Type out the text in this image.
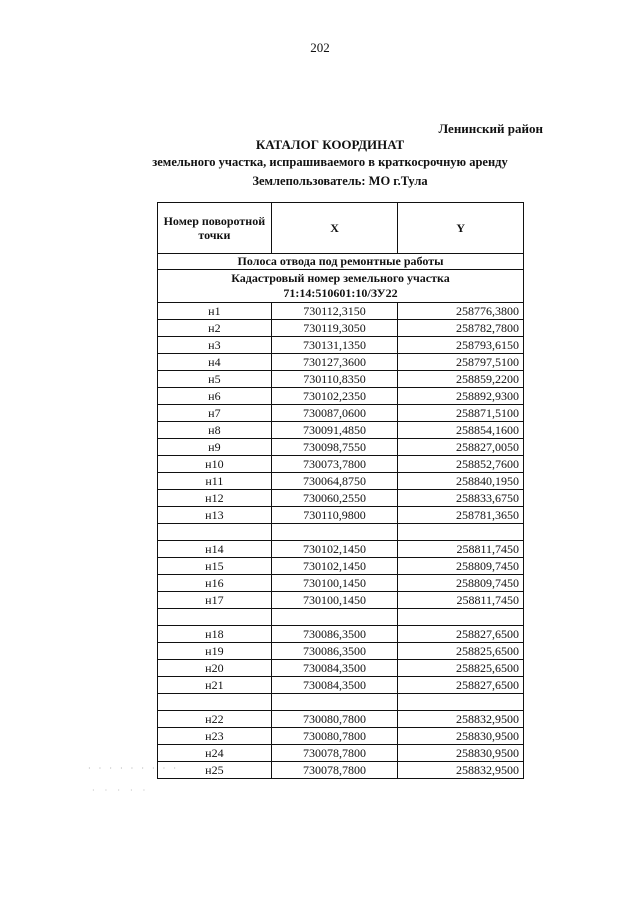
202
Ленинский район
КАТАЛОГ КООРДИНАТ
земельного участка, испрашиваемого в краткосрочную аренду
Землепользователь: МО г.Тула
Номер поворотной точки	X	Y
Полоса отвода под ремонтные работы		
Кадастровый номер земельного участка
71:14:510601:10/ЗУ22		
н1	730112,3150	258776,3800
н2	730119,3050	258782,7800
н3	730131,1350	258793,6150
н4	730127,3600	258797,5100
н5	730110,8350	258859,2200
н6	730102,2350	258892,9300
н7	730087,0600	258871,5100
н8	730091,4850	258854,1600
н9	730098,7550	258827,0050
н10	730073,7800	258852,7600
н11	730064,8750	258840,1950
н12	730060,2550	258833,6750
н13	730110,9800	258781,3650

н14	730102,1450	258811,7450
н15	730102,1450	258809,7450
н16	730100,1450	258809,7450
н17	730100,1450	258811,7450

н18	730086,3500	258827,6500
н19	730086,3500	258825,6500
н20	730084,3500	258825,6500
н21	730084,3500	258827,6500

н22	730080,7800	258832,9500
н23	730080,7800	258830,9500
н24	730078,7800	258830,9500
н25	730078,7800	258832,9500
· · · · · · · · ·
· · · · ·
